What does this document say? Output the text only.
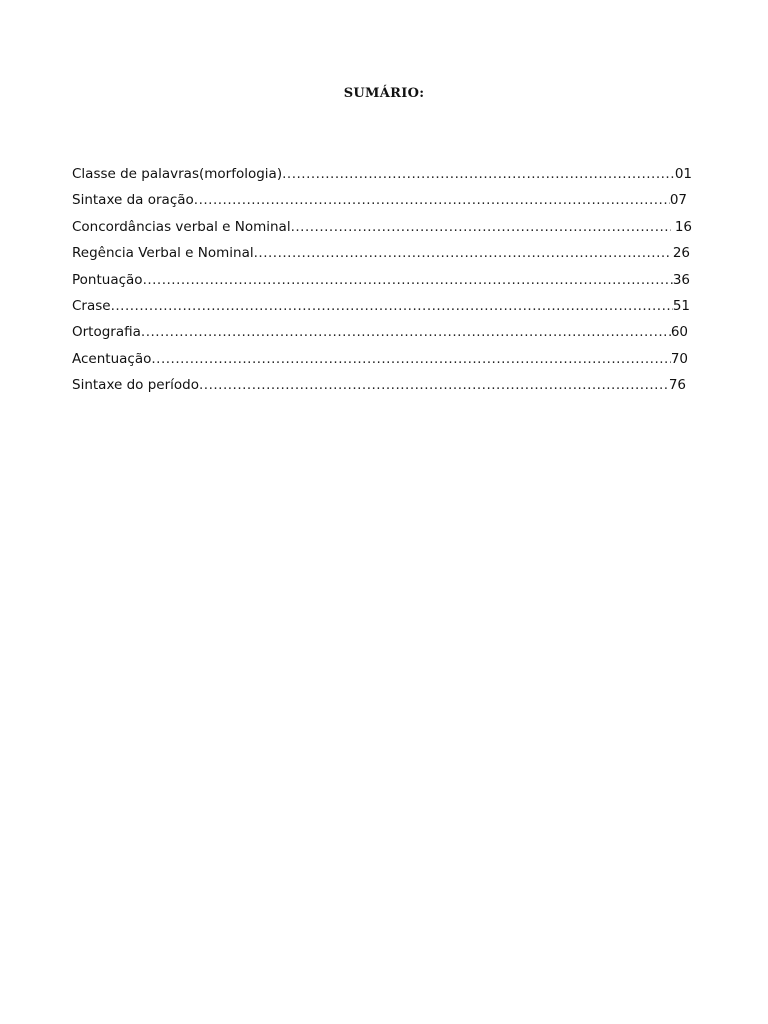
SUMÁRIO:
Classe de palavras(morfologia) .....	01
Sintaxe da oração .....	07
Concordâncias verbal e Nominal .....	16
Regência Verbal e Nominal .....	26
Pontuação .....	36
Crase .....	51
Ortografia .....	60
Acentuação .....	70
Sintaxe do período .....	76
